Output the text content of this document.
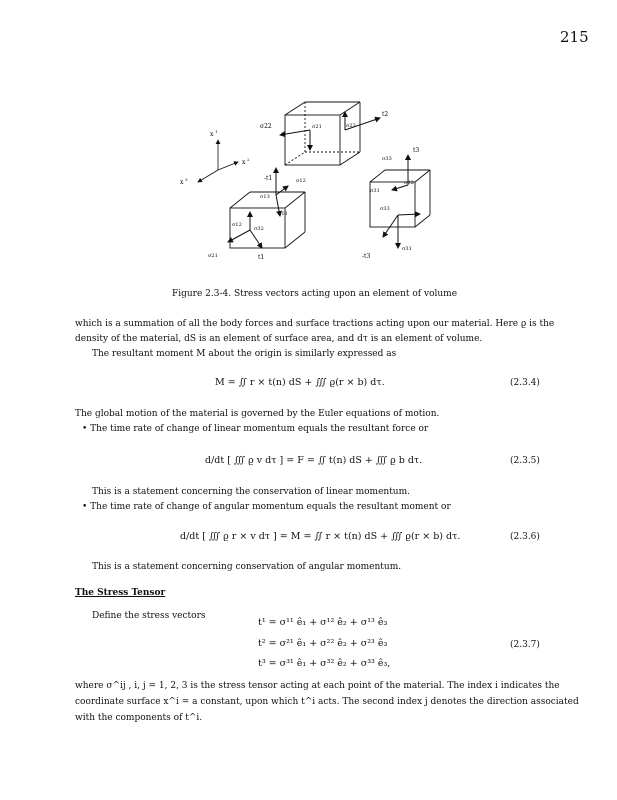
215
x 1
x 2
x 3
σ22	σ21	σ23
t2
σ33
t3
σ31
σ32
σ33
-t3
σ31
-t1	σ12
σ13
σ11
σ12
σ32
σ21	t1
Figure 2.3-4. Stress vectors acting upon an element of volume
which is a summation of all the body forces and surface tractions acting upon our material. Here ϱ is the
density of the material, dS is an element of surface area, and dτ is an element of volume.
The resultant moment M about the origin is similarly expressed as
M = ∬ r × t(n) dS + ∭ ϱ(r × b) dτ.	(2.3.4)
The global motion of the material is governed by the Euler equations of motion.
• The time rate of change of linear momentum equals the resultant force or
d/dt [ ∭ ϱ v dτ ] = F = ∬ t(n) dS + ∭ ϱ b dτ.	(2.3.5)
This is a statement concerning the conservation of linear momentum.
• The time rate of change of angular momentum equals the resultant moment or
d/dt [ ∭ ϱ r × v dτ ] = M = ∬ r × t(n) dS + ∭ ϱ(r × b) dτ.	(2.3.6)
This is a statement concerning conservation of angular momentum.
The Stress Tensor
Define the stress vectors
t¹ = σ¹¹ ê₁ + σ¹² ê₂ + σ¹³ ê₃
t² = σ²¹ ê₁ + σ²² ê₂ + σ²³ ê₃	(2.3.7)
t³ = σ³¹ ê₁ + σ³² ê₂ + σ³³ ê₃,
where σ^ij , i, j = 1, 2, 3 is the stress tensor acting at each point of the material. The index i indicates the
coordinate surface x^i = a constant, upon which t^i acts. The second index j denotes the direction associated
with the components of t^i.
